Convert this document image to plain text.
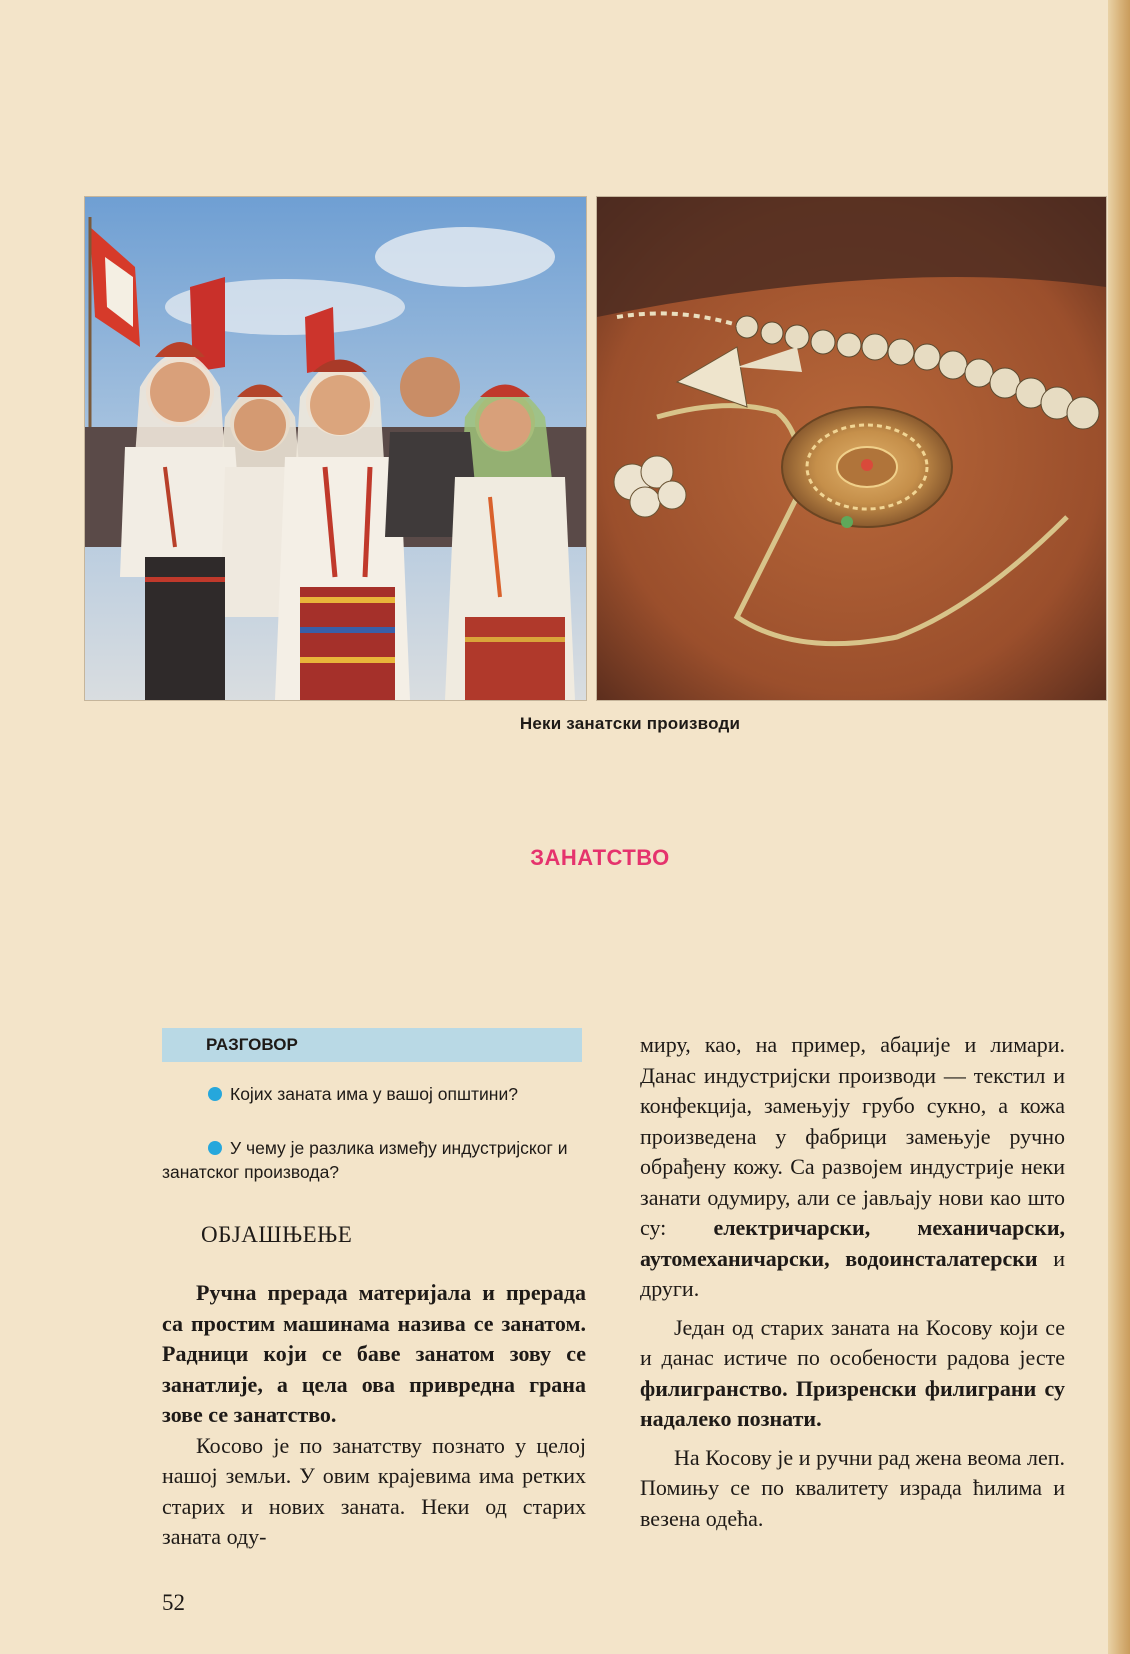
Неки занатски производи
ЗАНАТСТВО
РАЗГОВОР
Којих заната има у вашој општини?
У чему је разлика између индустријског и занатског производа?
ОБЈАШЊЕЊЕ

Ручна прерада материјала и прерада са простим машинама назива се занатом. Радници који се баве занатом зову се занатлије, а цела ова привредна грана зове се занатство.

Косово је по занатству познато у целој нашој земљи. У овим крајевима има ретких старих и нових заната. Неки од старих заната оду-

миру, као, на пример, абаџије и лимари. Данас индустријски производи — текстил и конфекција, замењују грубо сукно, а кожа произведена у фабрици замењује ручно обрађену кожу. Са развојем индустрије неки занати одумиру, али се јављају нови као што су: електричарски, механичарски, аутомеханичарски, водоинсталатерски и други.

Један од старих заната на Косову који се и данас истиче по особености радова јесте филигранство. Призренски филиграни су надалеко познати.

На Косову је и ручни рад жена веома леп. Помињу се по квалитету израда ћилима и везена одећа.

52
